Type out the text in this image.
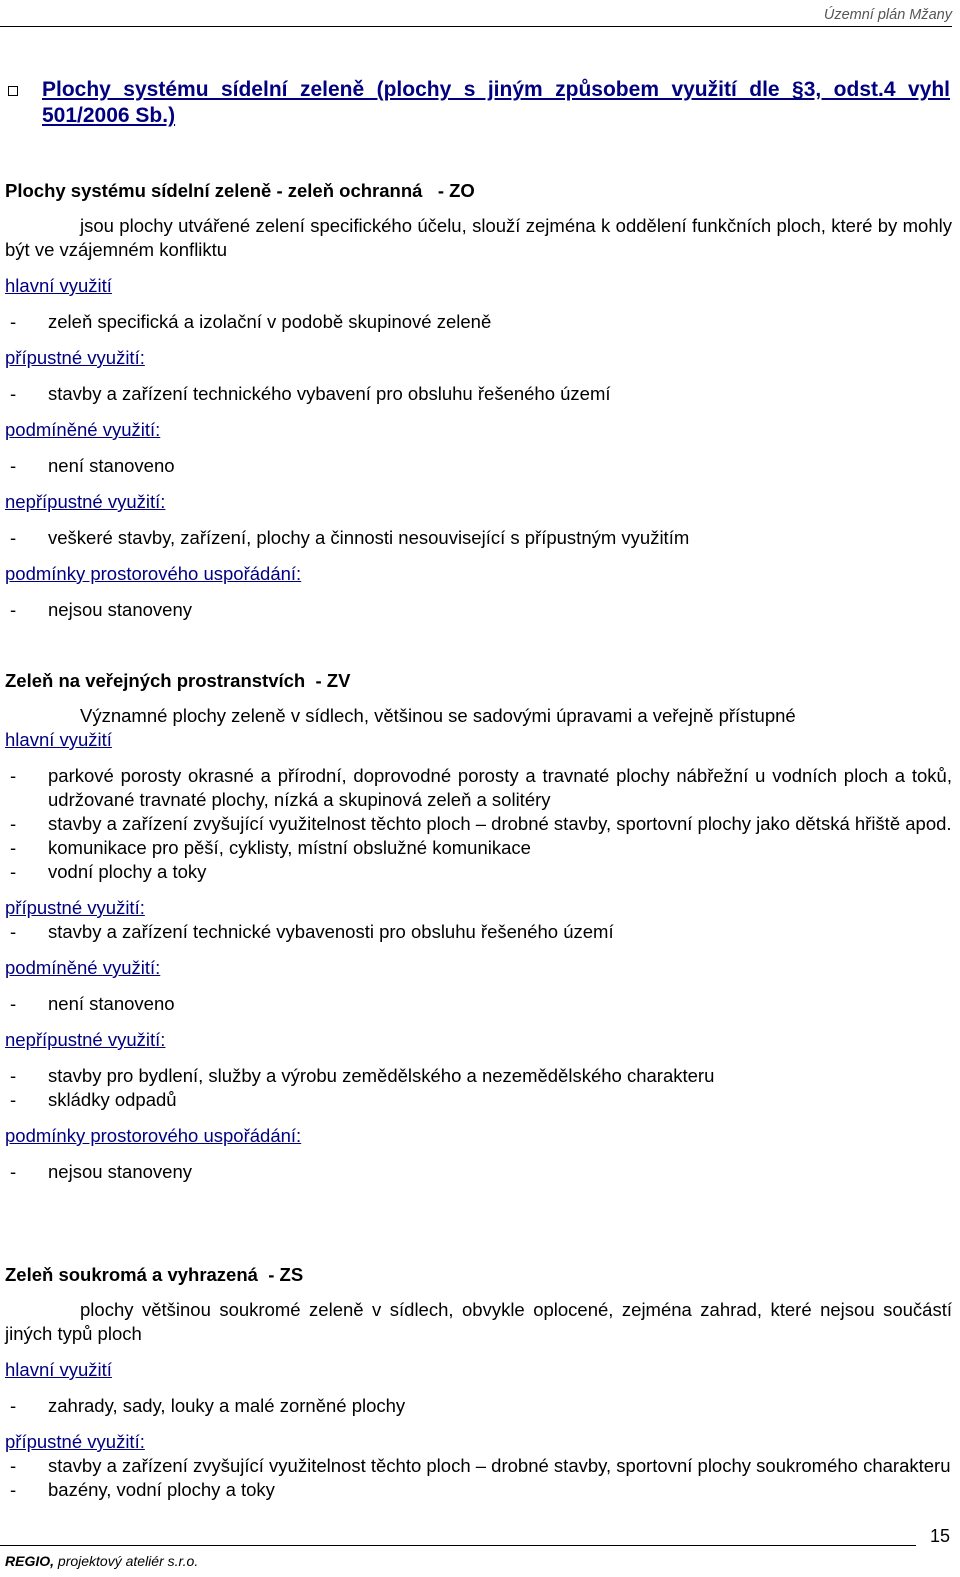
Územní plán Mžany
Plochy systému sídelní zeleně (plochy s jiným způsobem využití dle §3, odst.4 vyhl 501/2006 Sb.)
Plochy systému sídelní zeleně - zeleň ochranná   - ZO
jsou plochy utvářené zelení specifického účelu, slouží zejména k oddělení funkčních ploch, které by mohly být ve vzájemném konfliktu
hlavní využití
- zeleň specifická a izolační v podobě skupinové zeleně
přípustné využití:
- stavby a zařízení technického vybavení pro obsluhu řešeného území
podmíněné využití:
- není stanoveno
nepřípustné využití:
- veškeré stavby, zařízení, plochy a činnosti nesouvisející s přípustným využitím
podmínky prostorového uspořádání:
- nejsou stanoveny
Zeleň na veřejných prostranstvích  - ZV
Významné plochy zeleně v sídlech, většinou se sadovými úpravami a veřejně přístupné
hlavní využití
- parkové porosty okrasné a přírodní, doprovodné porosty a travnaté plochy nábřežní u vodních ploch a toků, udržované travnaté plochy, nízká a skupinová zeleň a solitéry
- stavby a zařízení zvyšující využitelnost těchto ploch – drobné stavby, sportovní plochy jako dětská hřiště apod.
- komunikace pro pěší, cyklisty, místní obslužné komunikace
- vodní plochy a toky
přípustné využití:
- stavby a zařízení technické vybavenosti pro obsluhu řešeného území
podmíněné využití:
- není stanoveno
nepřípustné využití:
- stavby pro bydlení, služby a výrobu zemědělského a nezemědělského charakteru
- skládky odpadů
podmínky prostorového uspořádání:
- nejsou stanoveny
Zeleň soukromá a vyhrazená  - ZS
plochy většinou soukromé zeleně v sídlech, obvykle oplocené, zejména zahrad, které nejsou součástí jiných typů ploch
hlavní využití
- zahrady, sady, louky a malé zorněné plochy
přípustné využití:
- stavby a zařízení zvyšující využitelnost těchto ploch – drobné stavby, sportovní plochy soukromého charakteru
- bazény, vodní plochy a toky
15
REGIO, projektový ateliér s.r.o.
